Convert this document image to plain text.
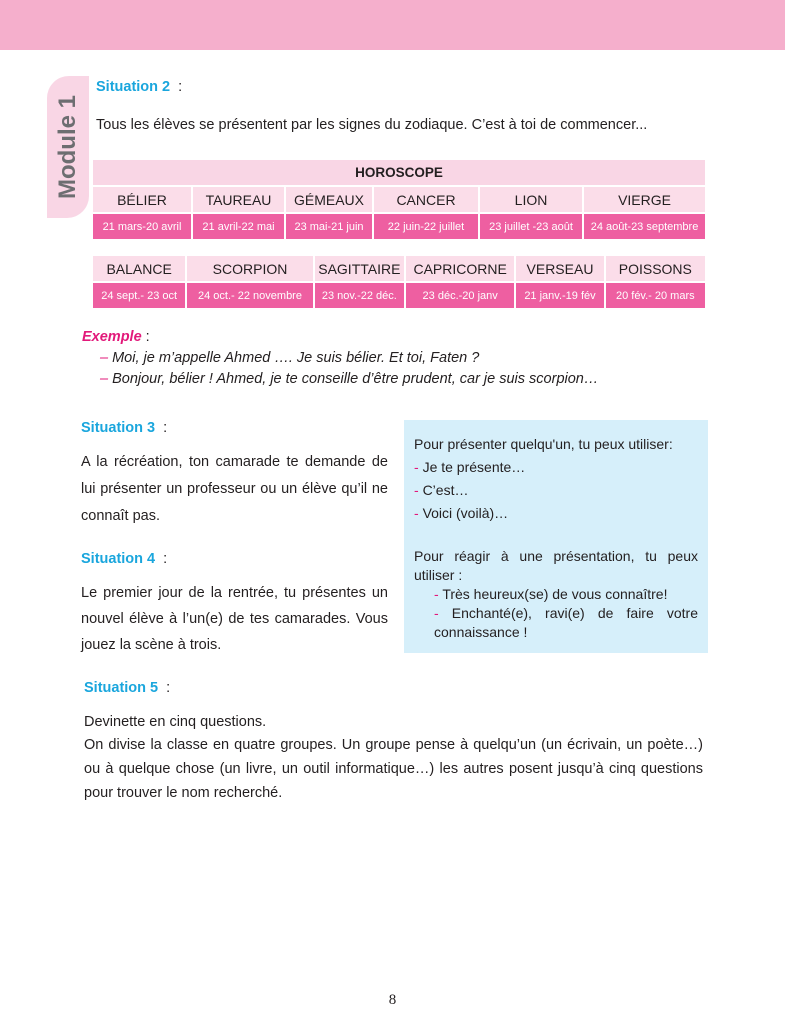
Module 1
Situation 2 :
Tous les élèves se présentent par les signes du zodiaque. C’est à toi de commencer...
HOROSCOPE					
BÉLIER	TAUREAU	GÉMEAUX	CANCER	LION	VIERGE
21 mars-20 avril	21 avril-22 mai	23 mai-21 juin	22 juin-22 juillet	23 juillet -23 août	24 août-23 septembre
BALANCE	SCORPION	SAGITTAIRE	CAPRICORNE	VERSEAU	POISSONS
24 sept.- 23 oct	24 oct.- 22 novembre	23 nov.-22 déc.	23 déc.-20 janv	21 janv.-19 fév	20 fév.- 20 mars
Exemple :
– Moi, je m’appelle Ahmed …. Je suis bélier. Et toi, Faten ?
– Bonjour, bélier ! Ahmed, je te conseille d’être prudent, car je suis scorpion…
Situation 3 :
A la récréation, ton camarade te demande de lui présenter un professeur ou un élève qu’il ne connaît pas.
Situation 4 :
Le premier jour de la rentrée, tu présentes un nouvel élève à l’un(e) de tes camarades. Vous jouez la scène à trois.
Pour présenter quelqu'un, tu peux utiliser:
- Je te présente…
- C’est…
- Voici (voilà)…
Pour réagir à une présentation, tu peux utiliser :
- Très heureux(se) de vous connaître!
- Enchanté(e), ravi(e) de faire votre connaissance !
Situation 5 :
Devinette en cinq questions.
On divise la classe en quatre groupes. Un groupe pense à quelqu’un (un écrivain, un poète…) ou à quelque chose (un livre, un outil informatique…) les autres posent jusqu’à cinq questions pour trouver le nom recherché.
8
